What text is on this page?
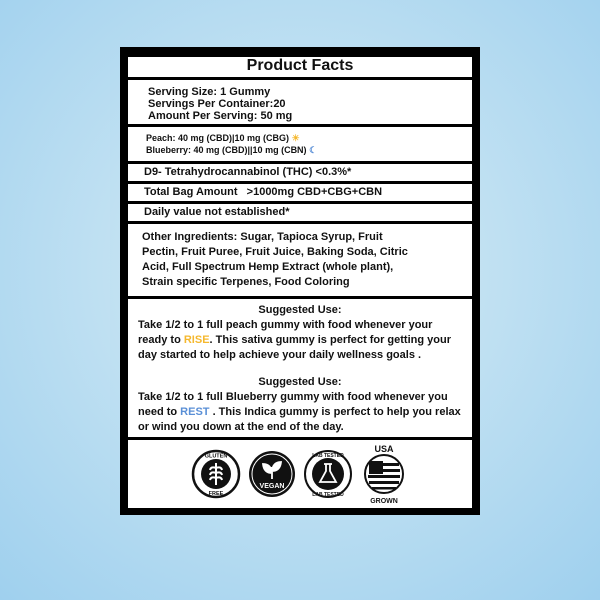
Product Facts
Serving Size: 1 Gummy
Servings Per Container:20
Amount Per Serving: 50 mg
Peach: 40 mg (CBD)|10 mg (CBG) ☀
Blueberry: 40 mg (CBD)||10 mg (CBN) ☾
D9- Tetrahydrocannabinol (THC) <0.3%*
Total Bag Amount   >1000mg CBD+CBG+CBN
Daily value not established*
Other Ingredients: Sugar, Tapioca Syrup, Fruit
Pectin, Fruit Puree, Fruit Juice, Baking Soda, Citric
Acid, Full Spectrum Hemp Extract (whole plant),
Strain specific Terpenes, Food Coloring

Suggested Use:

Take 1/2 to 1 full peach gummy with food whenever your

ready to RISE. This sativa gummy is perfect for getting your

day started to help achieve your daily wellness goals .

Suggested Use:

Take 1/2 to 1 full Blueberry gummy with food whenever you

need to REST . This Indica gummy is perfect to help you relax

or wind you down at the end of the day.

GLUTEN
FREE
VEGAN
LAB TESTED
LAB TESTED
USA
GROWN
